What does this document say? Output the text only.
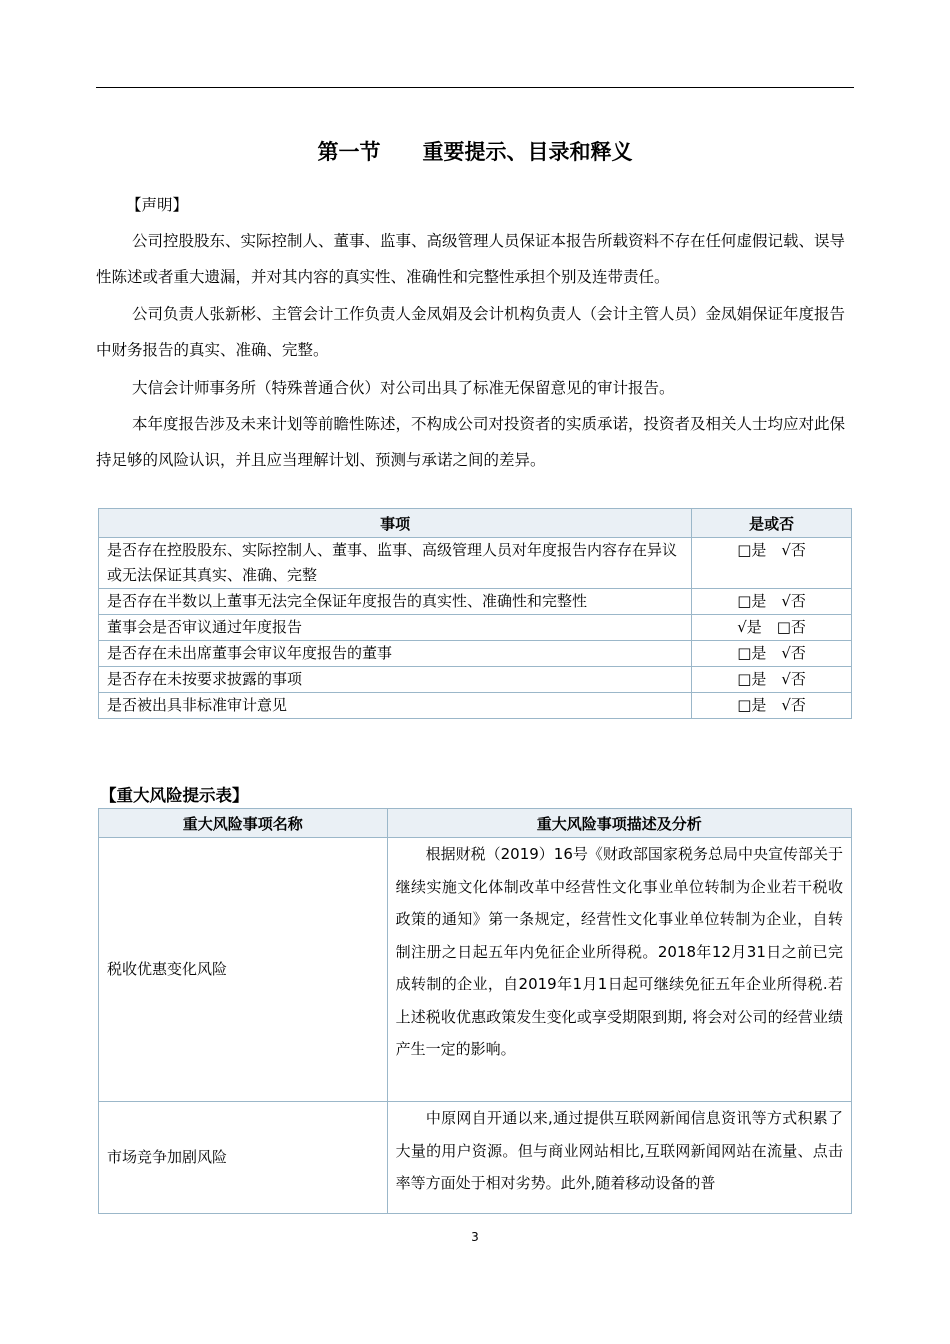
第一节　　重要提示、目录和释义

【声明】

公司控股股东、实际控制人、董事、监事、高级管理人员保证本报告所载资料不存在任何虚假记载、误导性陈述或者重大遗漏，并对其内容的真实性、准确性和完整性承担个别及连带责任。

公司负责人张新彬、主管会计工作负责人金凤娟及会计机构负责人（会计主管人员）金凤娟保证年度报告中财务报告的真实、准确、完整。

大信会计师事务所（特殊普通合伙）对公司出具了标准无保留意见的审计报告。

本年度报告涉及未来计划等前瞻性陈述，不构成公司对投资者的实质承诺，投资者及相关人士均应对此保持足够的风险认识，并且应当理解计划、预测与承诺之间的差异。

事项	是或否
是否存在控股股东、实际控制人、董事、监事、高级管理人员对年度报告内容存在异议或无法保证其真实、准确、完整	□是　√否
是否存在半数以上董事无法完全保证年度报告的真实性、准确性和完整性	□是　√否
董事会是否审议通过年度报告	√是　□否
是否存在未出席董事会审议年度报告的董事	□是　√否
是否存在未按要求披露的事项	□是　√否
是否被出具非标准审计意见	□是　√否
【重大风险提示表】
重大风险事项名称	重大风险事项描述及分析
税收优惠变化风险	根据财税（2019）16号《财政部国家税务总局中央宣传部关于继续实施文化体制改革中经营性文化事业单位转制为企业若干税收政策的通知》第一条规定，经营性文化事业单位转制为企业，自转制注册之日起五年内免征企业所得税。2018年12月31日之前已完成转制的企业，自2019年1月1日起可继续免征五年企业所得税.若上述税收优惠政策发生变化或享受期限到期, 将会对公司的经营业绩产生一定的影响。
市场竞争加剧风险	中原网自开通以来,通过提供互联网新闻信息资讯等方式积累了大量的用户资源。但与商业网站相比,互联网新闻网站在流量、点击率等方面处于相对劣势。此外,随着移动设备的普
3
